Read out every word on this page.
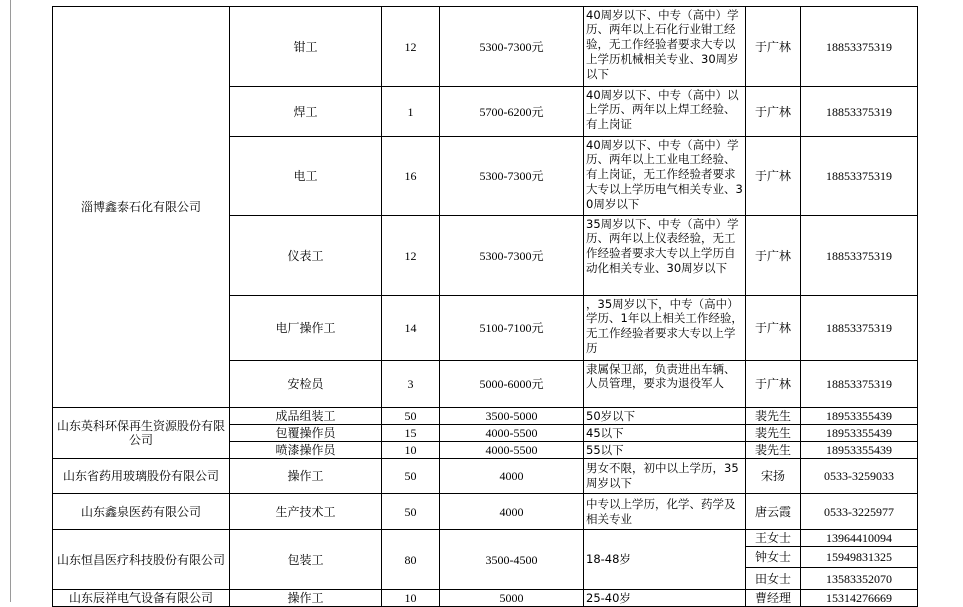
淄博鑫泰石化有限公司	钳工	12	5300-7300元	40周岁以下、中专（高中）学历、两年以上石化行业钳工经验，无工作经验者要求大专以上学历机械相关专业、30周岁以下	于广林	18853375319
	焊工	1	5700-6200元	40周岁以下、中专（高中）以上学历、两年以上焊工经验、有上岗证	于广林	18853375319
	电工	16	5300-7300元	40周岁以下、中专（高中）学历、两年以上工业电工经验、有上岗证，无工作经验者要求大专以上学历电气相关专业、30周岁以下	于广林	18853375319
	仪表工	12	5300-7300元	35周岁以下、中专（高中）学历、两年以上仪表经验，无工作经验者要求大专以上学历自动化相关专业、30周岁以下	于广林	18853375319
	电厂操作工	14	5100-7100元	，35周岁以下，中专（高中）学历、1年以上相关工作经验，无工作经验者要求大专以上学历	于广林	18853375319
	安检员	3	5000-6000元	隶属保卫部，负责进出车辆、人员管理，要求为退役军人	于广林	18853375319
山东英科环保再生资源股份有限公司	成品组装工	50	3500-5000	50岁以下	裴先生	18953355439
	包覆操作员	15	4000-5500	45以下	裴先生	18953355439
	喷漆操作员	10	4000-5500	55以下	裴先生	18953355439
山东省药用玻璃股份有限公司	操作工	50	4000	男女不限，初中以上学历，35周岁以下	宋扬	0533-3259033
山东鑫泉医药有限公司	生产技术工	50	4000	中专以上学历，化学、药学及相关专业	唐云霞	0533-3225977
山东恒昌医疗科技股份有限公司	包装工	80	3500-4500	18-48岁	王女士	13964410094
					钟女士	15949831325
					田女士	13583352070
山东辰祥电气设备有限公司	操作工	10	5000	25-40岁	曹经理	15314276669
